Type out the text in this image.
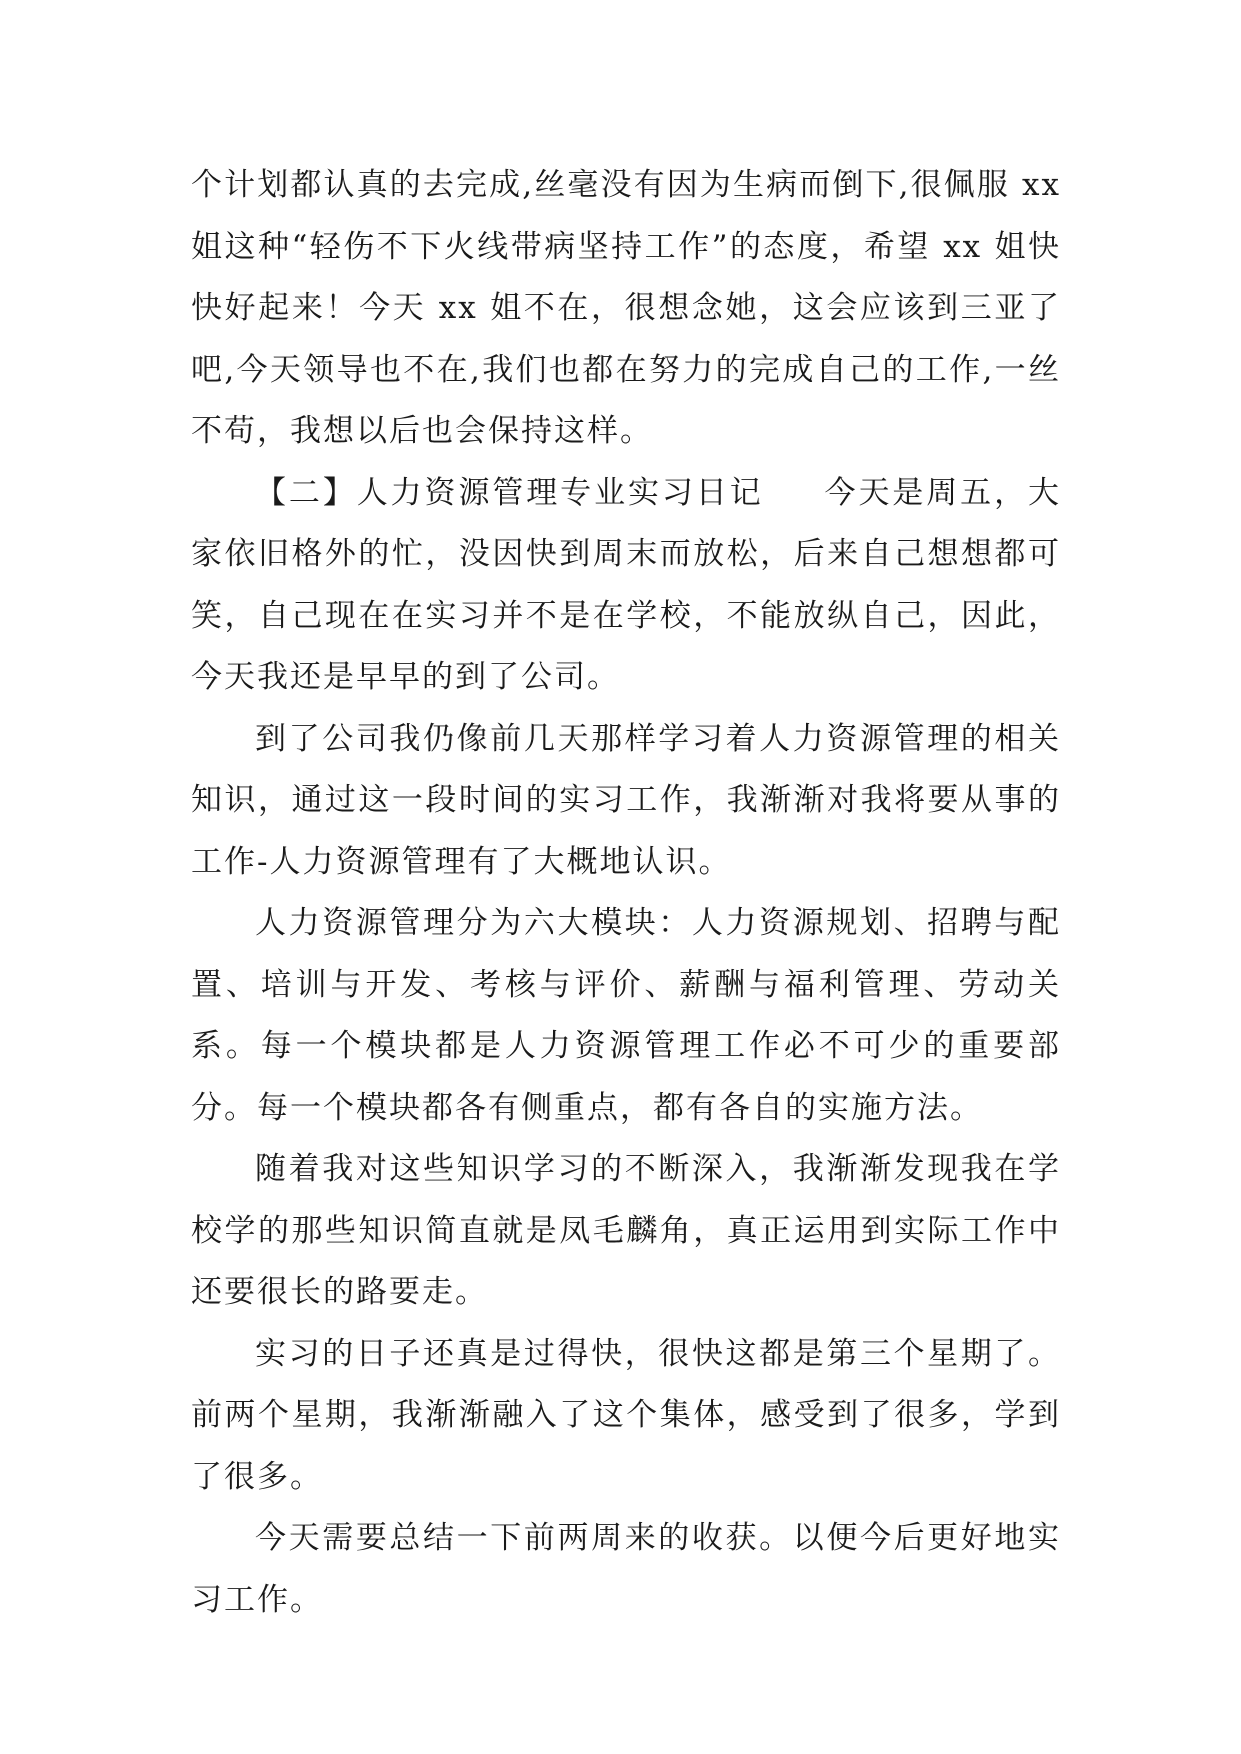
个计划都认真的去完成,丝毫没有因为生病而倒下,很佩服 xx 姐这种“轻伤不下火线带病坚持工作”的态度，希望 xx 姐快快好起来！今天 xx 姐不在，很想念她，这会应该到三亚了吧,今天领导也不在,我们也都在努力的完成自己的工作,一丝不苟，我想以后也会保持这样。

【二】人力资源管理专业实习日记 今天是周五，大家依旧格外的忙，没因快到周末而放松，后来自己想想都可笑，自己现在在实习并不是在学校，不能放纵自己，因此，今天我还是早早的到了公司。

到了公司我仍像前几天那样学习着人力资源管理的相关知识，通过这一段时间的实习工作，我渐渐对我将要从事的工作-人力资源管理有了大概地认识。

人力资源管理分为六大模块：人力资源规划、招聘与配置、培训与开发、考核与评价、薪酬与福利管理、劳动关系。每一个模块都是人力资源管理工作必不可少的重要部分。每一个模块都各有侧重点，都有各自的实施方法。

随着我对这些知识学习的不断深入，我渐渐发现我在学校学的那些知识简直就是凤毛麟角，真正运用到实际工作中还要很长的路要走。

实习的日子还真是过得快，很快这都是第三个星期了。前两个星期，我渐渐融入了这个集体，感受到了很多，学到了很多。

今天需要总结一下前两周来的收获。以便今后更好地实习工作。
